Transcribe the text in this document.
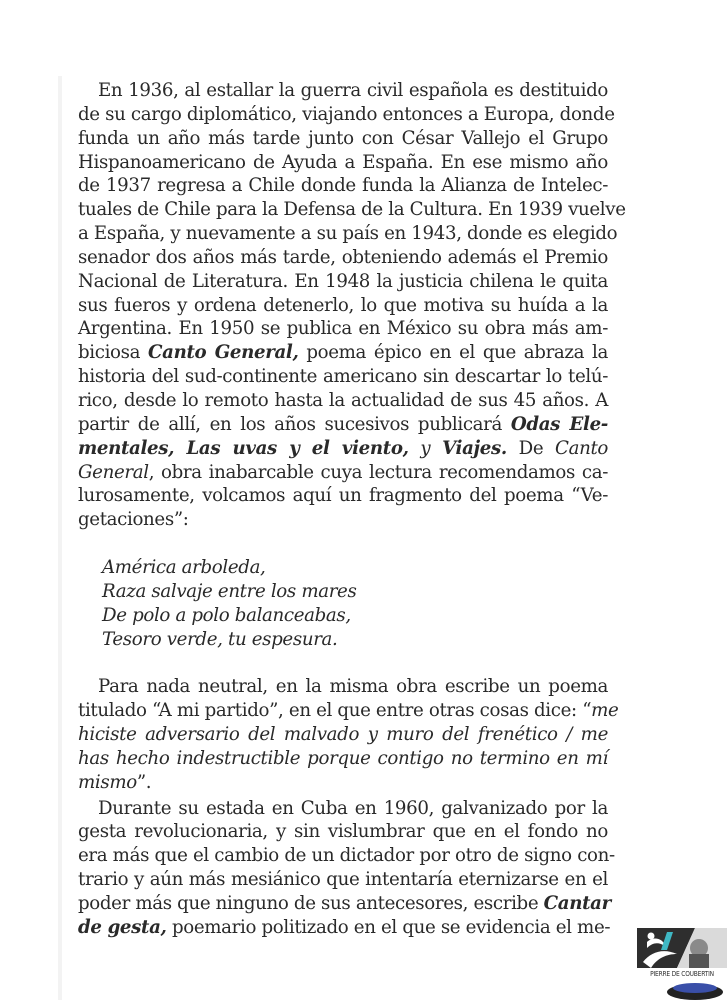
En 1936, al estallar la guerra civil española es destituido
de su cargo diplomático, viajando entonces a Europa, donde
funda un año más tarde junto con César Vallejo el Grupo
Hispanoamericano de Ayuda a España. En ese mismo año
de 1937 regresa a Chile donde funda la Alianza de Intelec-
tuales de Chile para la Defensa de la Cultura. En 1939 vuelve
a España, y nuevamente a su país en 1943, donde es elegido
senador dos años más tarde, obteniendo además el Premio
Nacional de Literatura. En 1948 la justicia chilena le quita
sus fueros y ordena detenerlo, lo que motiva su huída a la
Argentina. En 1950 se publica en México su obra más am-
biciosa Canto General, poema épico en el que abraza la
historia del sud-continente americano sin descartar lo telú-
rico, desde lo remoto hasta la actualidad de sus 45 años. A
partir de allí, en los años sucesivos publicará Odas Ele-
mentales, Las uvas y el viento, y Viajes. De Canto
General, obra inabarcable cuya lectura recomendamos ca-
lurosamente, volcamos aquí un fragmento del poema “Ve-
getaciones”:
América arboleda,
Raza salvaje entre los mares
De polo a polo balanceabas,
Tesoro verde, tu espesura.
Para nada neutral, en la misma obra escribe un poema
titulado “A mi partido”, en el que entre otras cosas dice: “me
hiciste adversario del malvado y muro del frenético / me
has hecho indestructible porque contigo no termino en mí
mismo”.
Durante su estada en Cuba en 1960, galvanizado por la
gesta revolucionaria, y sin vislumbrar que en el fondo no
era más que el cambio de un dictador por otro de signo con-
trario y aún más mesiánico que intentaría eternizarse en el
poder más que ninguno de sus antecesores, escribe Cantar
de gesta, poemario politizado en el que se evidencia el me-
PIERRE DE COUBERTIN
